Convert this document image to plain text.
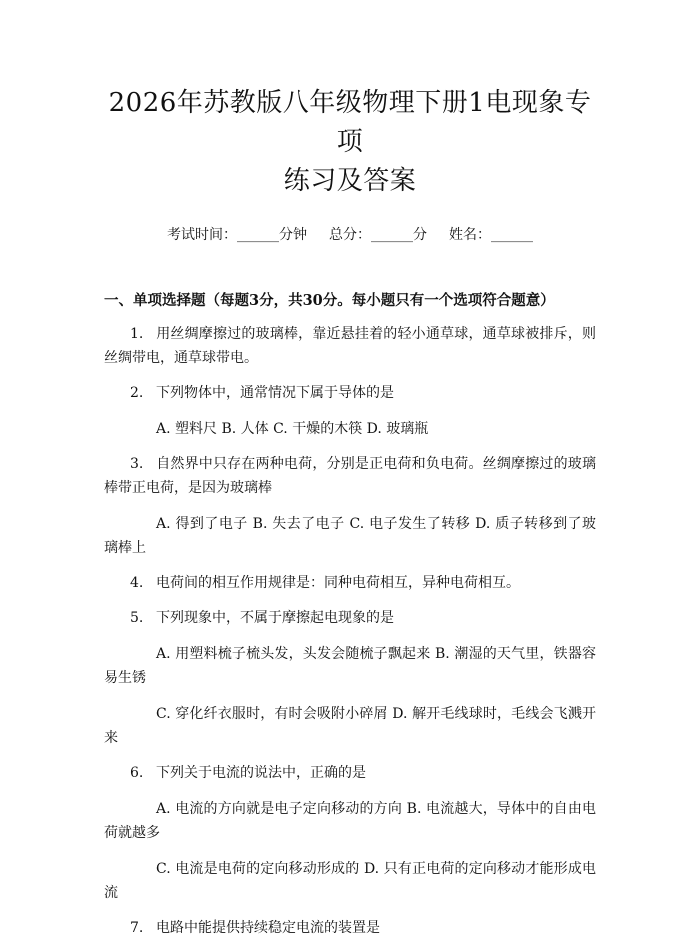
2026年苏教版八年级物理下册1电现象专项
练习及答案
考试时间：______分钟 总分：______分 姓名：______
一、单项选择题（每题3分，共30分。每小题只有一个选项符合题意）
1. 用丝绸摩擦过的玻璃棒，靠近悬挂着的轻小通草球，通草球被排斥，则丝绸带电，通草球带电。
2. 下列物体中，通常情况下属于导体的是
A. 塑料尺 B. 人体 C. 干燥的木筷 D. 玻璃瓶
3. 自然界中只存在两种电荷，分别是正电荷和负电荷。丝绸摩擦过的玻璃棒带正电荷，是因为玻璃棒
A. 得到了电子 B. 失去了电子 C. 电子发生了转移 D. 质子转移到了玻璃棒上
4. 电荷间的相互作用规律是：同种电荷相互，异种电荷相互。
5. 下列现象中，不属于摩擦起电现象的是
A. 用塑料梳子梳头发，头发会随梳子飘起来 B. 潮湿的天气里，铁器容易生锈
C. 穿化纤衣服时，有时会吸附小碎屑 D. 解开毛线球时，毛线会飞溅开来
6. 下列关于电流的说法中，正确的是
A. 电流的方向就是电子定向移动的方向 B. 电流越大，导体中的自由电荷就越多
C. 电流是电荷的定向移动形成的 D. 只有正电荷的定向移动才能形成电流
7. 电路中能提供持续稳定电流的装置是
